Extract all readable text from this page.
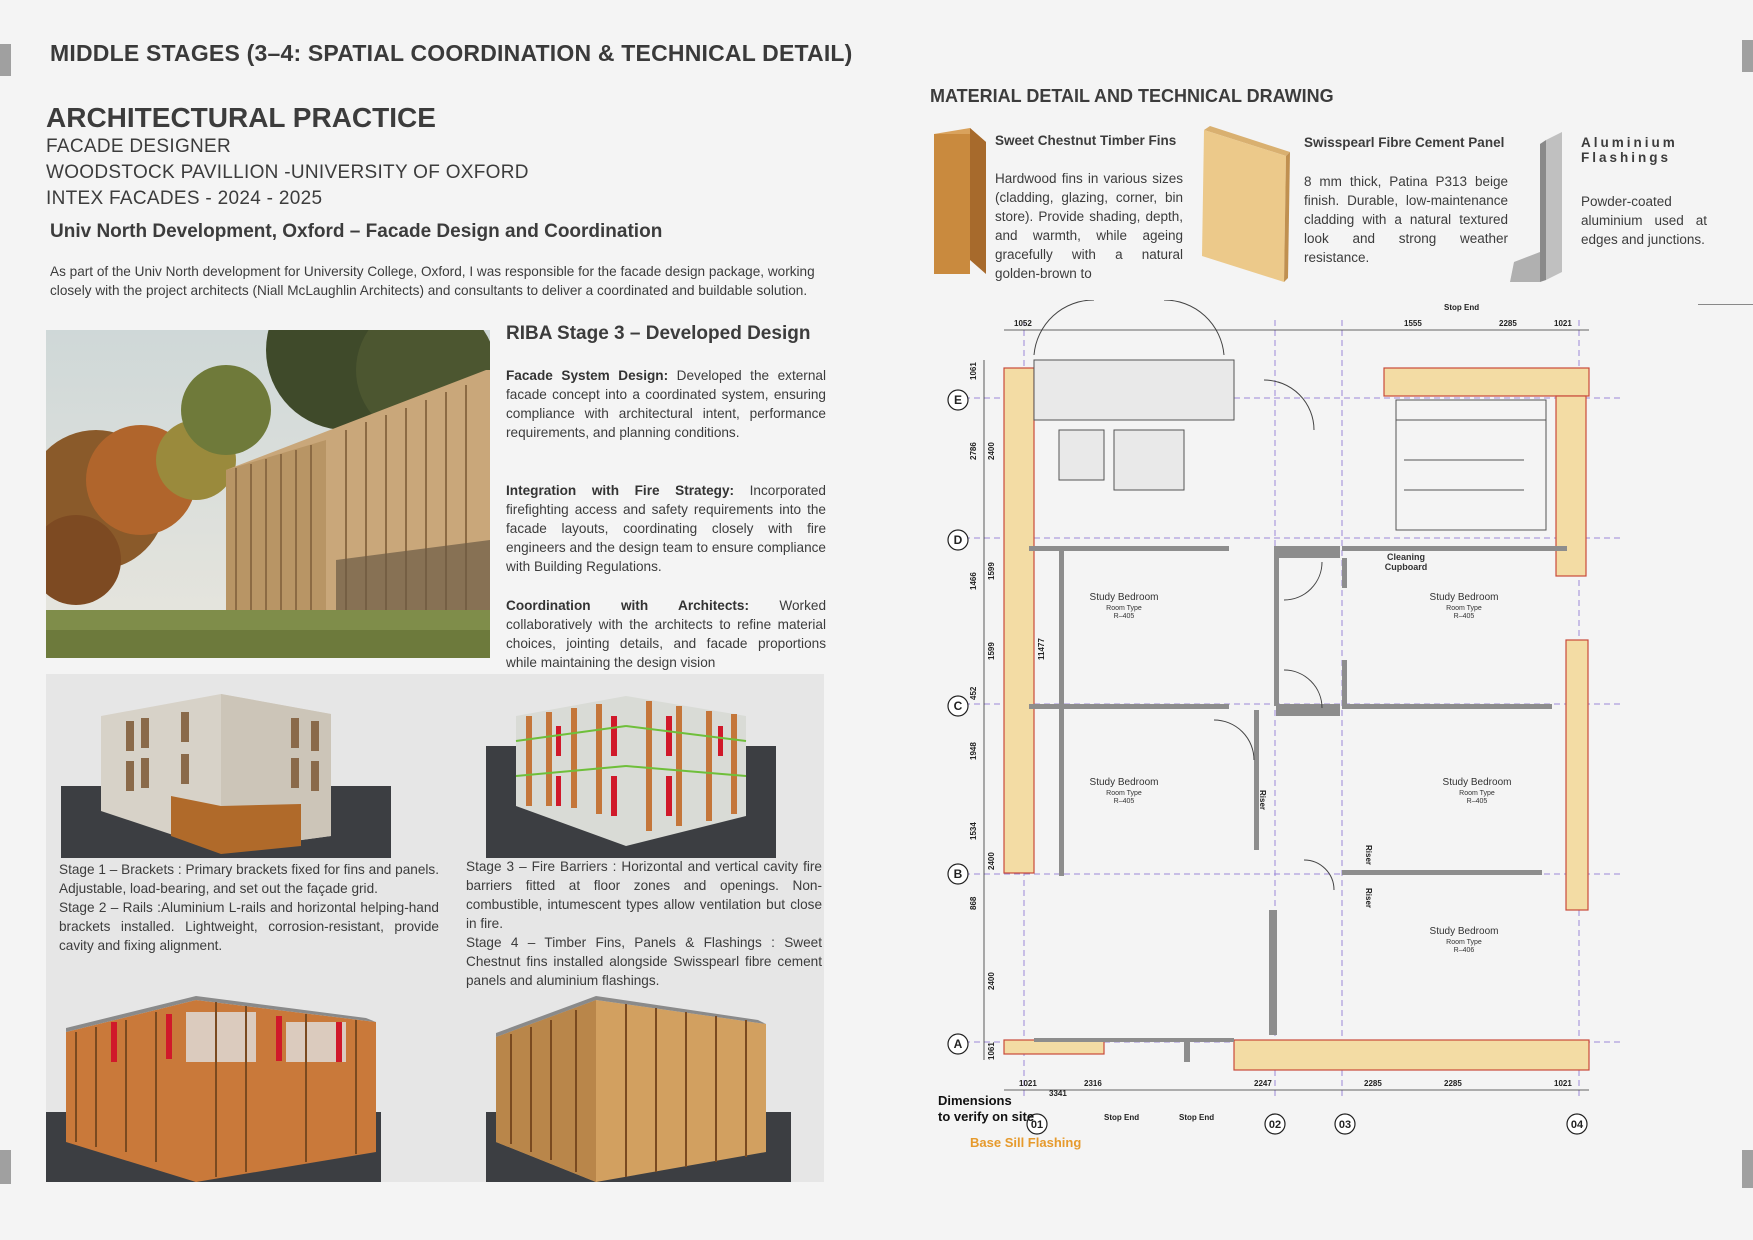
MIDDLE STAGES (3–4: SPATIAL COORDINATION & TECHNICAL DETAIL)
ARCHITECTURAL PRACTICE
FACADE DESIGNER
WOODSTOCK PAVILLION -UNIVERSITY OF OXFORD
INTEX FACADES - 2024 - 2025
Univ North Development, Oxford – Facade Design and Coordination
As part of the Univ North development for University College, Oxford, I was responsible for the facade design package, working closely with the project architects (Niall McLaughlin Architects) and consultants to deliver a coordinated and buildable solution.
RIBA Stage 3 – Developed Design
Facade System Design: Developed the external facade concept into a coordinated system, ensuring compliance with architectural intent, performance requirements, and planning conditions.
Integration with Fire Strategy: Incorporated firefighting access and safety requirements into the facade layouts, coordinating closely with fire engineers and the design team to ensure compliance with Building Regulations.
Coordination with Architects: Worked collaboratively with the architects to refine material choices, jointing details, and facade proportions while maintaining the design vision
Stage 1 – Brackets : Primary brackets fixed for fins and panels. Adjustable, load-bearing, and set out the façade grid.
Stage 2 – Rails :Aluminium L-rails and horizontal helping-hand brackets installed. Lightweight, corrosion-resistant, provide cavity and fixing alignment.
Stage 3 – Fire Barriers : Horizontal and vertical cavity fire barriers fitted at floor zones and openings. Non-combustible, intumescent types allow ventilation but close in fire.
Stage 4 – Timber Fins, Panels & Flashings : Sweet Chestnut fins installed alongside Swisspearl fibre cement panels and aluminium flashings.
MATERIAL DETAIL AND TECHNICAL DRAWING
Sweet Chestnut Timber Fins
Hardwood fins in various sizes (cladding, glazing, corner, bin store). Provide shading, depth, and warmth, while ageing gracefully with a natural golden-brown to
Swisspearl Fibre Cement Panel
8 mm thick, Patina P313 beige finish. Durable, low-maintenance cladding with a natural textured look and strong weather resistance.
Aluminium Flashings
Powder-coated aluminium used at edges and junctions.
Study Bedroom
Room Type
R–405
Study Bedroom
Room Type
R–405
Study Bedroom
Room Type
R–405
Study Bedroom
Room Type
R–405
Study Bedroom
Room Type
R–406
Cleaning
Cupboard
E
D
C
B
A
01	02	03	04
1061
2786 2400
1599
1466
1599
452
1948
1534
2400
868
2400
1061
11477
1052	1555	2285	1021
1021	2316
3341
2247	2285	2285	1021
Stop End
Stop End	Stop End
Riser
Riser
Riser
Dimensions
to verify on site
Base Sill Flashing
